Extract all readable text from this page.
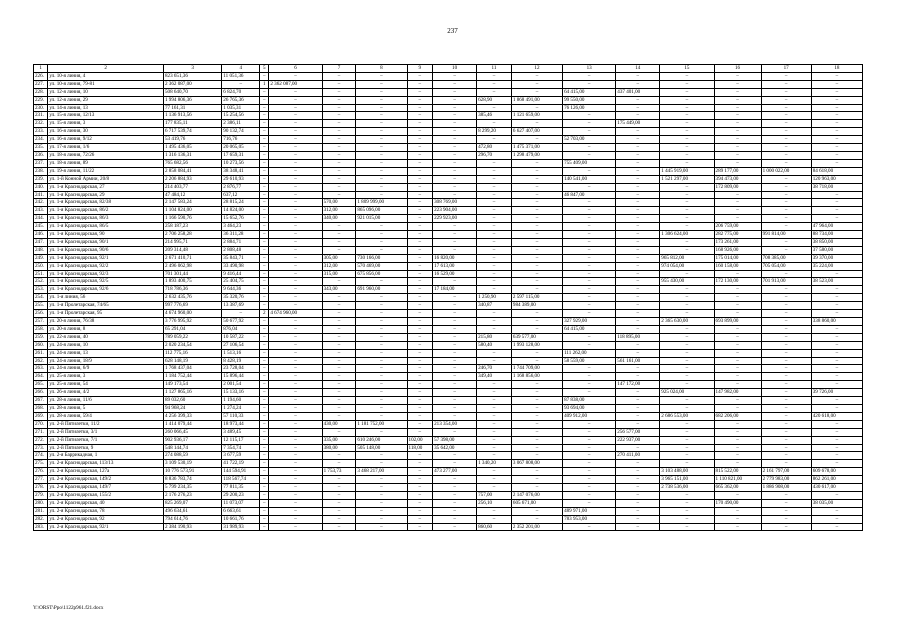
237
1	2	3	4	5	6	7	8	9	10	11	12	13	14	15	16	17	18
226.	ул. 10-я линия, 4	823 651,36	11 051,36	–	–	–	–	–	–	–	–	–	–	–	–	–	–
227.	ул. 10-я линия, 79-81	2 362 087,00	–	1	2 362 087,00	–	–	–	–	–	–	–	–	–	–	–	–
228.	ул. 12-я линия, 10	508 640,70	6 824,70	–	–	–	–	–	–	–	–	64 415,00	437 401,00	–	–	–	–
229.	ул. 12-я линия, 29	1 994 806,36	26 765,36	–	–	–	–	–	–	628,90	1 868 491,00	99 550,00	–	–	–	–	–
230.	ул. 14-я линия, 13	77 161,31	1 035,31	–	–	–	–	–	–	–	–	76 126,00	–	–	–	–	–
231.	ул. 15-я линия, 12/13	1 136 913,56	15 254,56	–	–	–	–	–	–	385,46	1 121 659,00	–	–	–	–	–	–
232.	ул. 15-я линия, 3	177 835,11	2 386,11	–	–	–	–	–	–	–	–	–	175 449,00	–	–	–	–
233.	ул. 16-я линия, 30	6 717 539,74	90 132,74	–	–	–	–	–	–	8 299,20	6 627 407,00	–	–	–	–	–	–
234.	ул. 16-я линия, 9/12	53 419,76	716,76	–	–	–	–	–	–	–	–	52 703,00	–	–	–	–	–
235.	ул. 17-я линия, 1/6	1 495 436,05	20 065,05	–	–	–	–	–	–	472,80	1 475 371,00	–	–	–	–	–	–
236.	ул. 18-я линия, 72/26	1 316 136,31	17 659,31	–	–	–	–	–	–	296,70	1 298 479,00	–	–	–	–	–	–
237.	ул. 18-я линия, 89	765 682,56	10 273,56	–	–	–	–	–	–	–	–	755 409,00	–	–	–	–	–
238.	ул. 19-я линия, 11/22	2 858 084,41	38 348,41	–	–	–	–	–	–	–	–	–	–	1 445 919,00	289 177,00	1 000 022,00	84 618,00
239.	ул. 1-й Конной Армии, 20/8	2 206 884,93	29 610,93	–	–	–	–	–	–	–	–	140 541,00	–	1 521 297,00	394 473,00	–	120 963,00
240.	ул. 1-я Краснодарская, 27	214 403,77	2 876,77	–	–	–	–	–	–	–	–	–	–	–	172 809,00	–	38 718,00
241.	ул. 1-я Краснодарская, 29	47 484,12	637,12	–	–	–	–	–	–	–	–	46 847,00	–	–	–	–	–
242.	ул. 1-я Краснодарская, 82/38	2 147 583,24	28 815,24	–	–	570,00	1 809 999,00	–	308 769,00	–	–	–	–	–	–	–	–
243.	ул. 1-я Краснодарская, 86/2	1 104 824,00	14 824,00	–	–	312,00	865 096,00	–	223 904,00	–	–	–	–	–	–	–	–
244.	ул. 1-я Краснодарская, 86/3	1 166 590,76	15 652,76	–	–	340,00	921 015,00	–	229 923,00	–	–	–	–	–	–	–	–
245.	ул. 1-я Краснодарская, 86/5	258 187,23	3 464,23	–	–	–	–	–	–	–	–	–	–	–	206 759,00	–	47 964,00
246.	ул. 1-я Краснодарская, 90	2 706 258,28	36 311,28	–	–	–	–	–	–	–	–	–	–	1 306 624,00	282 775,00	991 814,00	88 734,00
247.	ул. 1-я Краснодарская, 90/1	214 995,71	2 884,71	–	–	–	–	–	–	–	–	–	–	–	173 261,00	–	38 850,00
248.	ул. 1-я Краснодарская, 90/6	209 314,48	2 808,48	–	–	–	–	–	–	–	–	–	–	–	168 926,00	–	37 580,00
249.	ул. 1-я Краснодарская, 92/1	2 671 410,71	35 843,71	–	–	305,00	730 166,00	–	16 820,00	–	–	–	–	965 812,00	175 014,00	708 385,00	39 370,00
250.	ул. 1-я Краснодарская, 92/2	2 496 062,98	33 490,98	–	–	312,00	570 469,00	–	17 613,00	–	–	–	–	974 054,00	160 158,00	705 054,00	35 224,00
251.	ул. 1-я Краснодарская, 92/3	701 301,44	9 416,44	–	–	315,00	675 856,00	–	16 529,00	–	–	–	–	–	–	–	–
252.	ул. 1-я Краснодарская, 92/5	1 893 400,75	25 404,75	–	–	–	–	–	–	–	–	–	–	955 430,00	172 130,00	701 913,00	38 523,00
253.	ул. 1-я Краснодарская, 92/6	718 786,36	9 644,36	–	–	343,00	691 960,00	–	17 184,00	–	–	–	–	–	–	–	–
254.	ул. 1-я линия, 56	2 632 435,76	35 320,76	–	–	–	–	–	–	1 250,90	2 597 115,00	–	–	–	–	–	–
255.	ул. 1-я Пролетарская, 74/65	997 776,69	13 387,69	–	–	–	–	–	–	340,87	984 389,00	–	–	–	–	–	–
256.	ул. 1-я Пролетарская, 95	4 674 960,00	–	2	4 674 960,00	–	–	–	–	–	–	–	–	–	–	–	–
257.	ул. 20-я линия, 76/38	3 776 995,92	50 677,92	–	–	–	–	–	–	–	–	327 929,00	–	2 365 630,00	693 899,00	–	338 860,00
258.	ул. 20-я линия, 8	65 291,04	876,04	–	–	–	–	–	–	–	–	64 415,00	–	–	–	–	–
259.	ул. 22-я линия, 40	789 059,22	10 587,22	–	–	–	–	–	–	215,80	639 577,00	–	118 895,00	–	–	–	–
260.	ул. 24-я линия, 10	2 020 234,54	27 106,54	–	–	–	–	–	–	580,40	1 993 128,00	–	–	–	–	–	–
261.	ул. 24-я линия, 13	112 775,16	1 513,16	–	–	–	–	–	–	–	–	111 262,00	–	–	–	–	–
262.	ул. 24-я линия, 18/9	628 148,19	8 428,19	–	–	–	–	–	–	–	–	58 559,00	561 161,00	–	–	–	–
263.	ул. 24-я линия, 6/9	1 768 437,04	23 728,04	–	–	–	–	–	–	246,70	1 744 709,00	–	–	–	–	–	–
264.	ул. 25-я линия, 3	1 184 752,44	15 896,44	–	–	–	–	–	–	349,40	1 168 856,00	–	–	–	–	–	–
265.	ул. 25-я линия, 54	149 173,54	2 001,54	–	–	–	–	–	–	–	–	–	147 172,00	–	–	–	–
266.	ул. 26-я линия, 4/2	1 127 865,16	15 133,16	–	–	–	–	–	–	–	–	–	–	925 024,00	147 982,00	–	39 726,00
267.	ул. 28-я линия, 11/6	89 032,60	1 194,60	–	–	–	–	–	–	–	–	87 838,00	–	–	–	–	–
268.	ул. 28-я линия, 5	94 968,24	1 274,24	–	–	–	–	–	–	–	–	93 694,00	–	–	–	–	–
269.	ул. 28-я линия, 59/4	4 256 399,33	57 110,33	–	–	–	–	–	–	–	–	409 912,00	–	2 686 553,00	682 206,00	–	420 618,00
270.	ул. 2-й Пятилетки, 11/2	1 414 079,44	18 973,44	–	–	430,00	1 181 752,00	–	213 354,00	–	–	–	–	–	–	–	–
271.	ул. 2-й Пятилетки, 3/1	260 066,45	3 489,45	–	–	–	–	–	–	–	–	–	256 577,00	–	–	–	–
272.	ул. 2-й Пятилетки, 7/1	902 936,17	12 115,17	–	–	335,00	610 246,00	102,00	57 398,00	–	–	–	222 937,00	–	–	–	–
273.	ул. 2-й Пятилетки, 9	548 144,74	7 354,74	–	–	380,00	505 148,00	118,00	35 642,00	–	–	–	–	–	–	–	–
274.	ул. 2-я Баррикадная, 1	274 088,59	3 677,59	–	–	–	–	–	–	–	–	–	270 411,00	–	–	–	–
275.	ул. 2-я Краснодарская, 113/13	3 109 530,19	41 722,19	–	–	–	–	–	–	1 340,20	3 067 808,00	–	–	–	–	–	–
276.	ул. 2-я Краснодарская, 127а	10 776 573,91	144 594,91	–	–	1 753,73	3 468 217,00	–	473 277,00	–	–	–	–	3 103 488,00	815 522,00	2 161 797,00	609 678,00
277.	ул. 2-я Краснодарская, 149/2	8 836 783,74	118 567,74	–	–	–	–	–	–	–	–	–	–	3 965 151,00	1 110 821,00	2 779 983,00	862 261,00
278.	ул. 2-я Краснодарская, 149/7	5 799 234,35	77 811,35	–	–	–	–	–	–	–	–	–	–	2 738 536,00	665 362,00	1 886 908,00	430 617,00
279.	ул. 2-я Краснодарская, 155/2	2 176 276,23	29 200,23	–	–	–	–	–	–	757,00	2 147 076,00	–	–	–	–	–	–
280.	ул. 2-я Краснодарская, 40	825 269,07	11 073,07	–	–	–	–	–	–	256,10	605 671,00	–	–	–	170 490,00	–	38 035,00
281.	ул. 2-я Краснодарская, 78	496 634,61	6 663,61	–	–	–	–	–	–	–	–	489 971,00	–	–	–	–	–
282.	ул. 2-я Краснодарская, 92	794 614,76	10 661,76	–	–	–	–	–	–	–	–	783 953,00	–	–	–	–	–
283.	ул. 2-я Краснодарская, 92/1	2 384 190,93	31 989,93	–	–	–	–	–	–	860,60	2 352 201,00	–	–	–	–	–	–
Y:\ORST\Ppo\1122p961.f21.docx
